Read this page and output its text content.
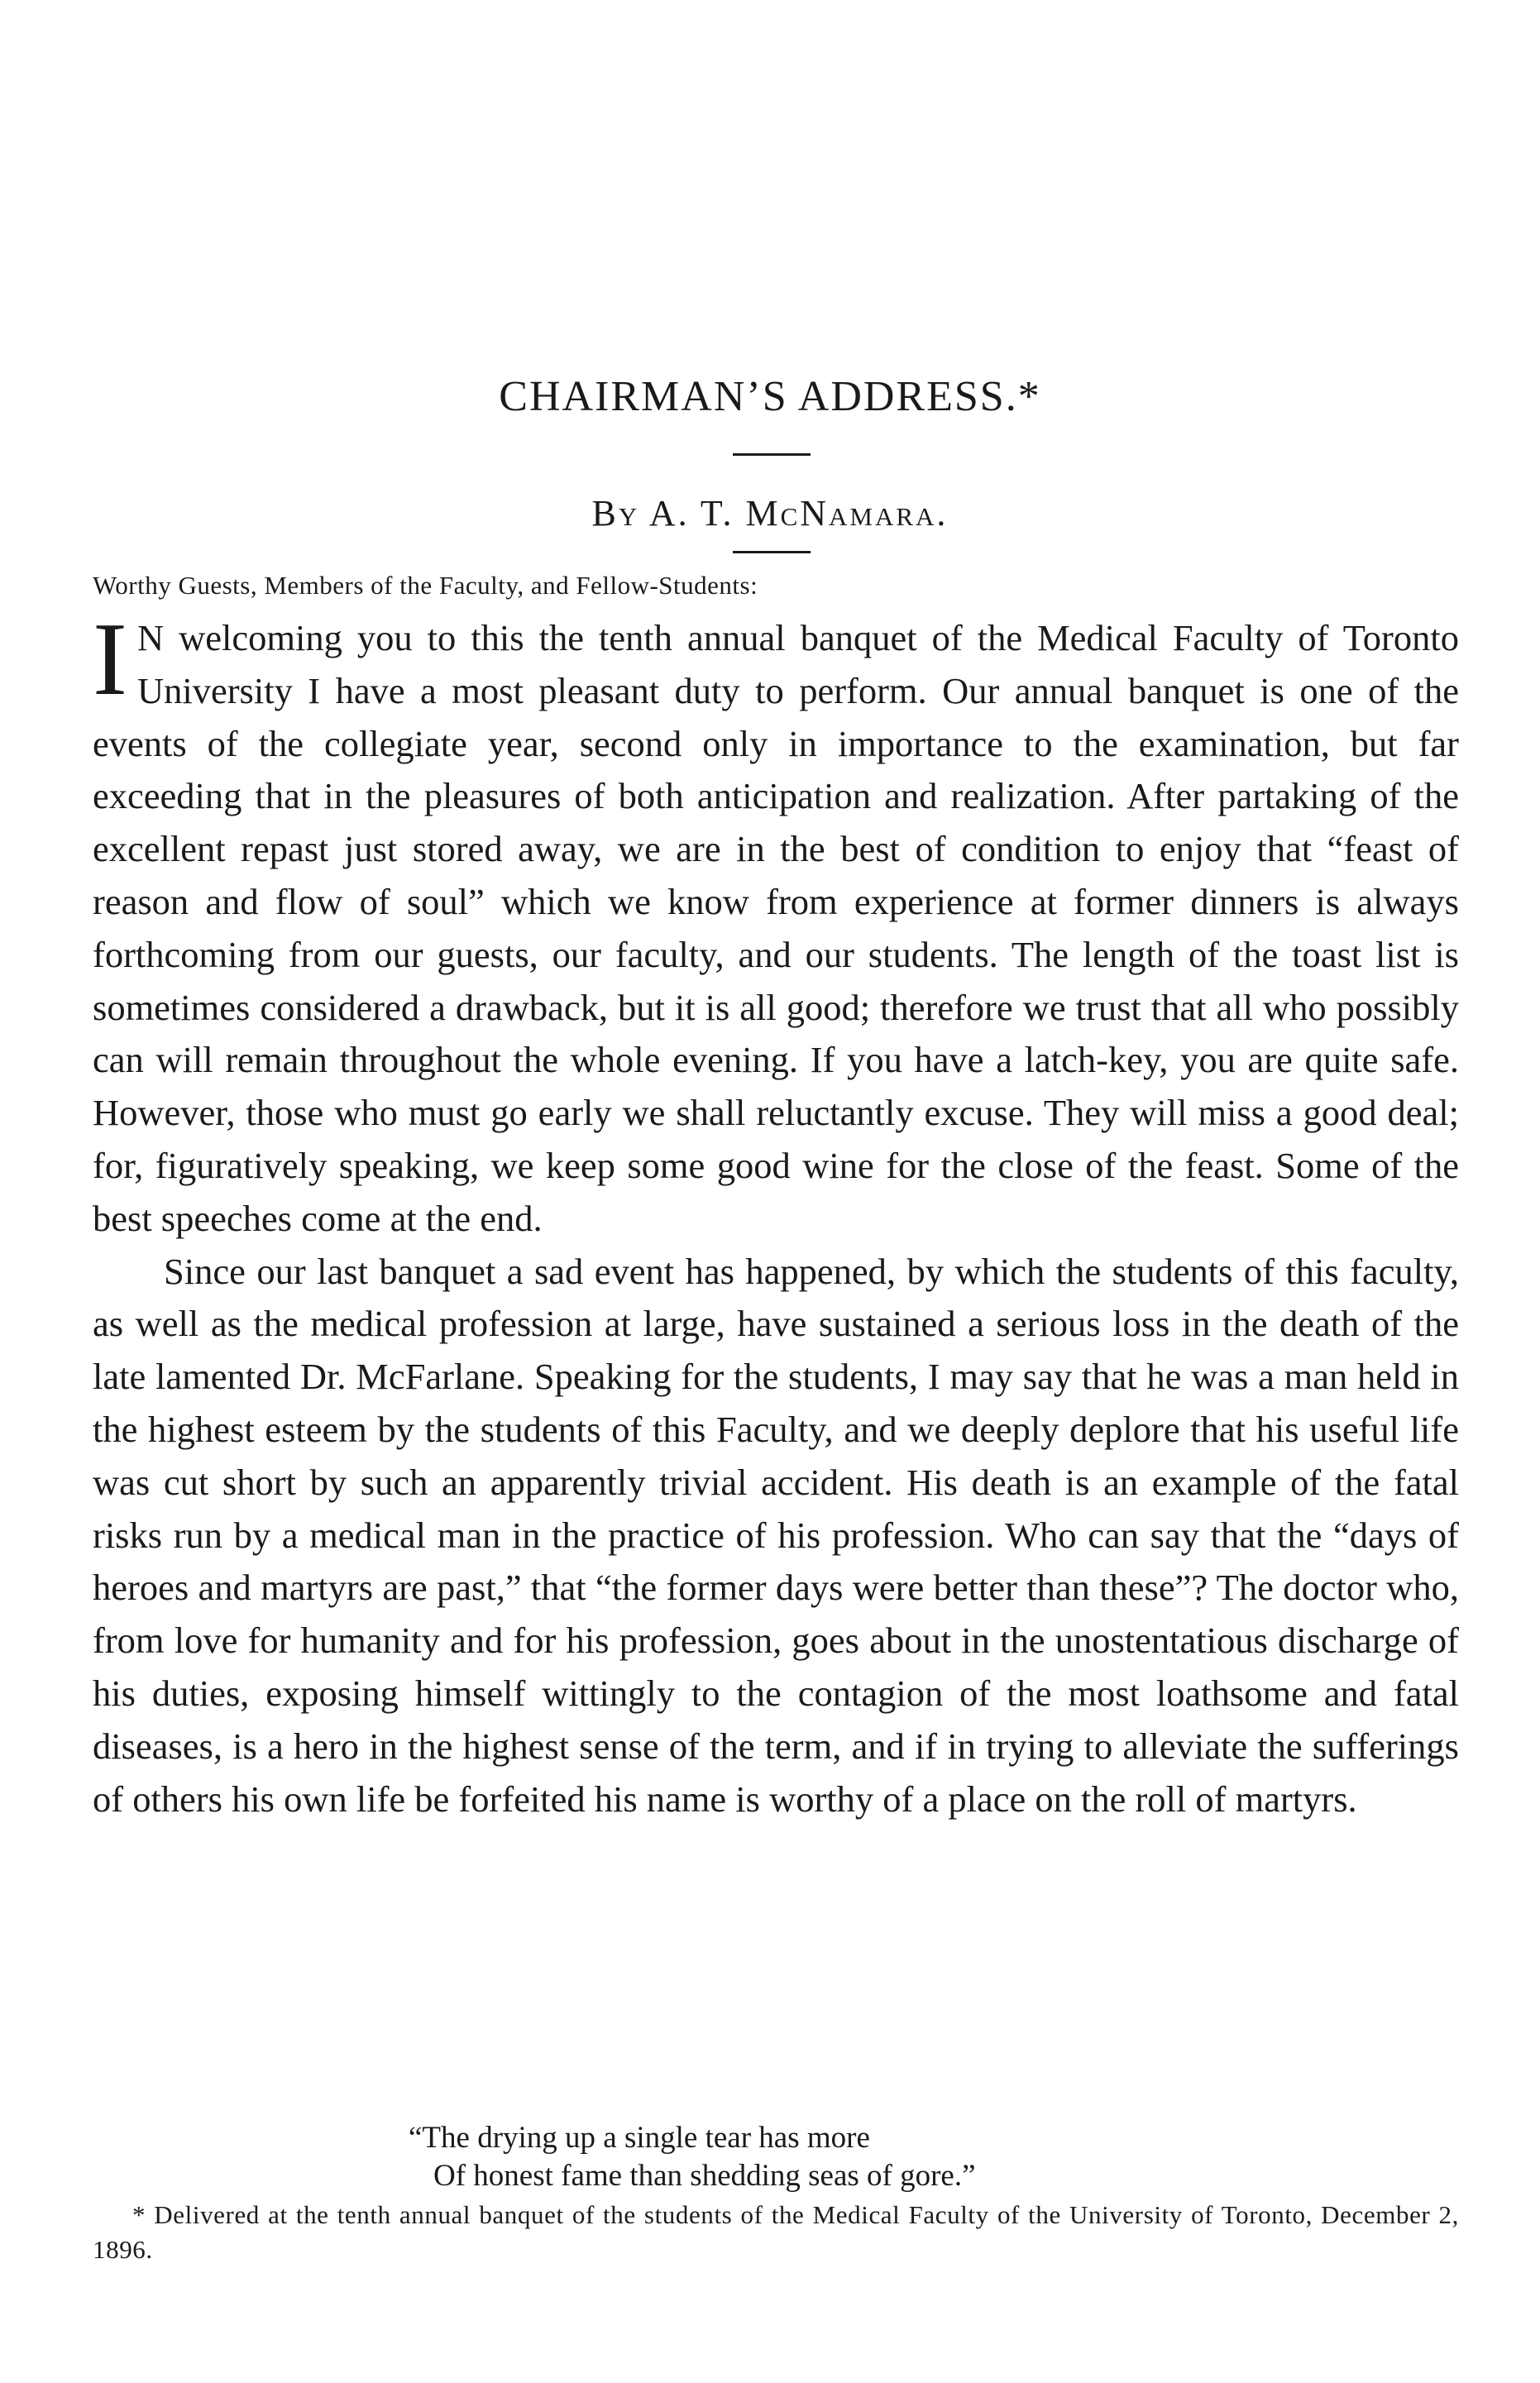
CHAIRMAN’S ADDRESS.*

By A. T. McNamara.

Worthy Guests, Members of the Faculty, and Fellow-Students:

I N welcoming you to this the tenth annual banquet of the Medical Faculty of Toronto University I have a most pleasant duty to perform. Our annual banquet is one of the events of the collegiate year, second only in importance to the examination, but far exceeding that in the pleasures of both anticipation and realization. After partaking of the excellent repast just stored away, we are in the best of condition to enjoy that “feast of reason and flow of soul” which we know from experience at former dinners is always forthcoming from our guests, our faculty, and our students. The length of the toast list is sometimes considered a drawback, but it is all good; therefore we trust that all who possibly can will remain throughout the whole evening. If you have a latch-key, you are quite safe. However, those who must go early we shall reluctantly excuse. They will miss a good deal; for, figuratively speaking, we keep some good wine for the close of the feast. Some of the best speeches come at the end.

Since our last banquet a sad event has happened, by which the students of this faculty, as well as the medical profession at large, have sustained a serious loss in the death of the late lamented Dr. McFarlane. Speaking for the students, I may say that he was a man held in the highest esteem by the students of this Faculty, and we deeply deplore that his useful life was cut short by such an apparently trivial accident. His death is an example of the fatal risks run by a medical man in the practice of his profession. Who can say that the “days of heroes and martyrs are past,” that “the former days were better than these”? The doctor who, from love for humanity and for his profession, goes about in the unostentatious discharge of his duties, exposing himself wittingly to the contagion of the most loathsome and fatal diseases, is a hero in the highest sense of the term, and if in trying to alleviate the sufferings of others his own life be forfeited his name is worthy of a place on the roll of martyrs.

“The drying up a single tear has more
Of honest fame than shedding seas of gore.”

* Delivered at the tenth annual banquet of the students of the Medical Faculty of the University of Toronto, December 2, 1896.
